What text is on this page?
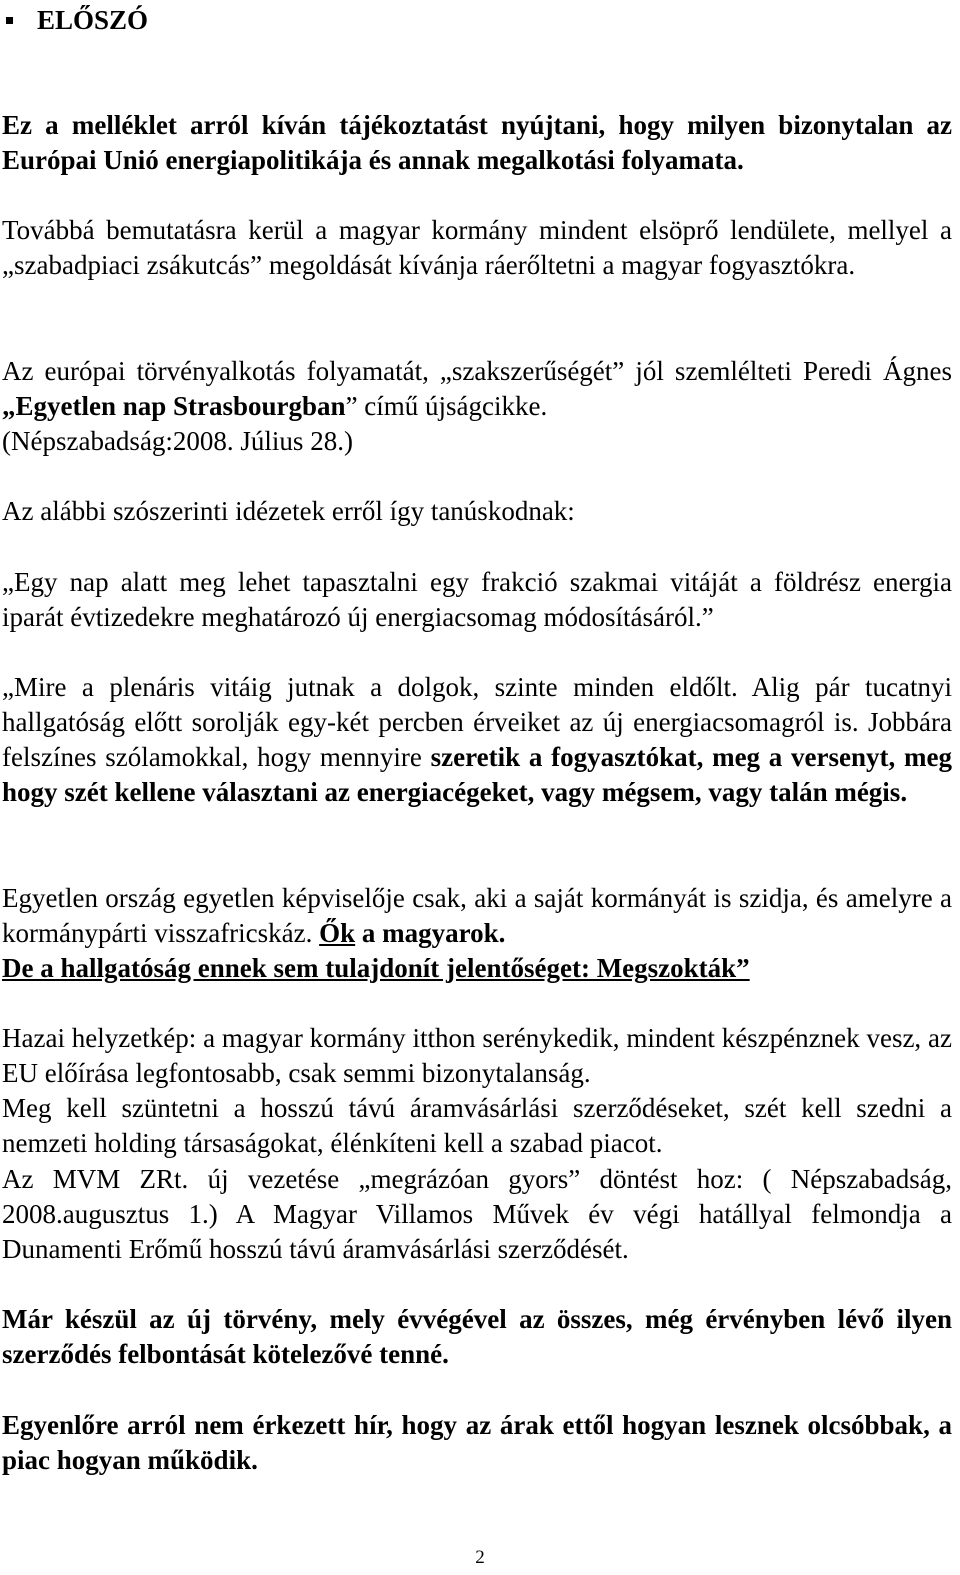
ELŐSZÓ

Ez a melléklet arról kíván tájékoztatást nyújtani, hogy milyen bizonytalan az Európai Unió energiapolitikája és annak megalkotási folyamata.

Továbbá bemutatásra kerül a magyar kormány mindent elsöprő lendülete, mellyel a „szabadpiaci zsákutcás” megoldását kívánja ráerőltetni a magyar fogyasztókra.

Az európai törvényalkotás folyamatát, „szakszerűségét” jól szemlélteti Peredi Ágnes „Egyetlen nap Strasbourgban” című újságcikke.
(Népszabadság:2008. Július 28.)

Az alábbi szószerinti idézetek erről így tanúskodnak:

„Egy nap alatt meg lehet tapasztalni egy frakció szakmai vitáját a földrész energia iparát évtizedekre meghatározó új energiacsomag módosításáról.”

„Mire a plenáris vitáig jutnak a dolgok, szinte minden eldőlt. Alig pár tucatnyi hallgatóság előtt sorolják egy-két percben érveiket az új energiacsomagról is. Jobbára felszínes szólamokkal, hogy mennyire szeretik a fogyasztókat, meg a versenyt, meg hogy szét kellene választani az energiacégeket, vagy mégsem, vagy talán mégis.

Egyetlen ország egyetlen képviselője csak, aki a saját kormányát is szidja, és amelyre a kormánypárti visszafricskáz. Ők a magyarok.
De a hallgatóság ennek sem tulajdonít jelentőséget: Megszokták”

Hazai helyzetkép: a magyar kormány itthon serénykedik, mindent készpénznek vesz, az EU előírása legfontosabb, csak semmi bizonytalanság.

Meg kell szüntetni a hosszú távú áramvásárlási szerződéseket, szét kell szedni a nemzeti holding társaságokat, élénkíteni kell a szabad piacot.

Az MVM ZRt. új vezetése „megrázóan gyors” döntést hoz: ( Népszabadság, 2008.augusztus 1.) A Magyar Villamos Művek év végi hatállyal felmondja a Dunamenti Erőmű hosszú távú áramvásárlási szerződését.

Már készül az új törvény, mely évvégével az összes, még érvényben lévő ilyen szerződés felbontását kötelezővé tenné.

Egyenlőre arról nem érkezett hír, hogy az árak ettől hogyan lesznek olcsóbbak, a piac hogyan működik.

2
